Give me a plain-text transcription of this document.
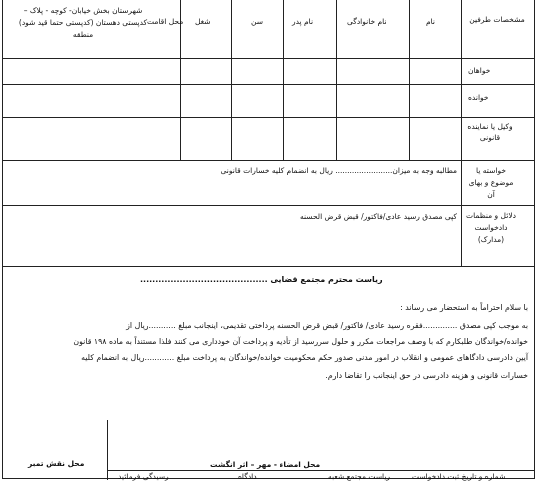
مشخصات طرفین
نام
نام خانوادگی
نام پدر
سن
شغل
محل اقامت
شهرستان بخش خیابان- کوچه - پلاک – کدپستی دهستان (کدپستی حتما قید شود) منطقه
خواهان
خوانده
وکیل یا نماینده قانونی
خواسته یا موضوع و بهای آن
مطالبه وجه به میزان........................ ریال به انضمام کلیه خسارات قانونی
دلائل و منظمات دادخواست (مدارک)
کپی مصدق رسید عادی/فاکتور/ قبض قرض الحسنه
ریاست محترم مجتمع قضایی ..........................................
با سلام احتراماً به استحضار می رساند :
به موجب کپی مصدق ..............فقره رسید عادی/ فاکتور/ قبض قرض الحسنه پرداختی تقدیمی، اینجانب مبلغ ...........ریال از
خوانده/خواندگان طلبکارم که با وصف مراجعات مکرر و حلول سررسید از تأدیه و پرداخت آن خودداری می کنند فلذا مستنداً به ماده ۱۹۸ قانون
آیین دادرسی دادگاهای عمومی و انقلاب در امور مدنی صدور حکم محکومیت خوانده/خواندگان به پرداخت مبلغ ............ریال به انضمام کلیه
خسارات قانونی و هزینه دادرسی در حق اینجانب را تقاضا دارم.
محل نقش تمبر	محل امضاء - مهر – اثر انگشت
شماره و تاریخ ثبت دادخواست
ریاست مجتمع شعبه
دادگاه
رسیدگی فرمائید
